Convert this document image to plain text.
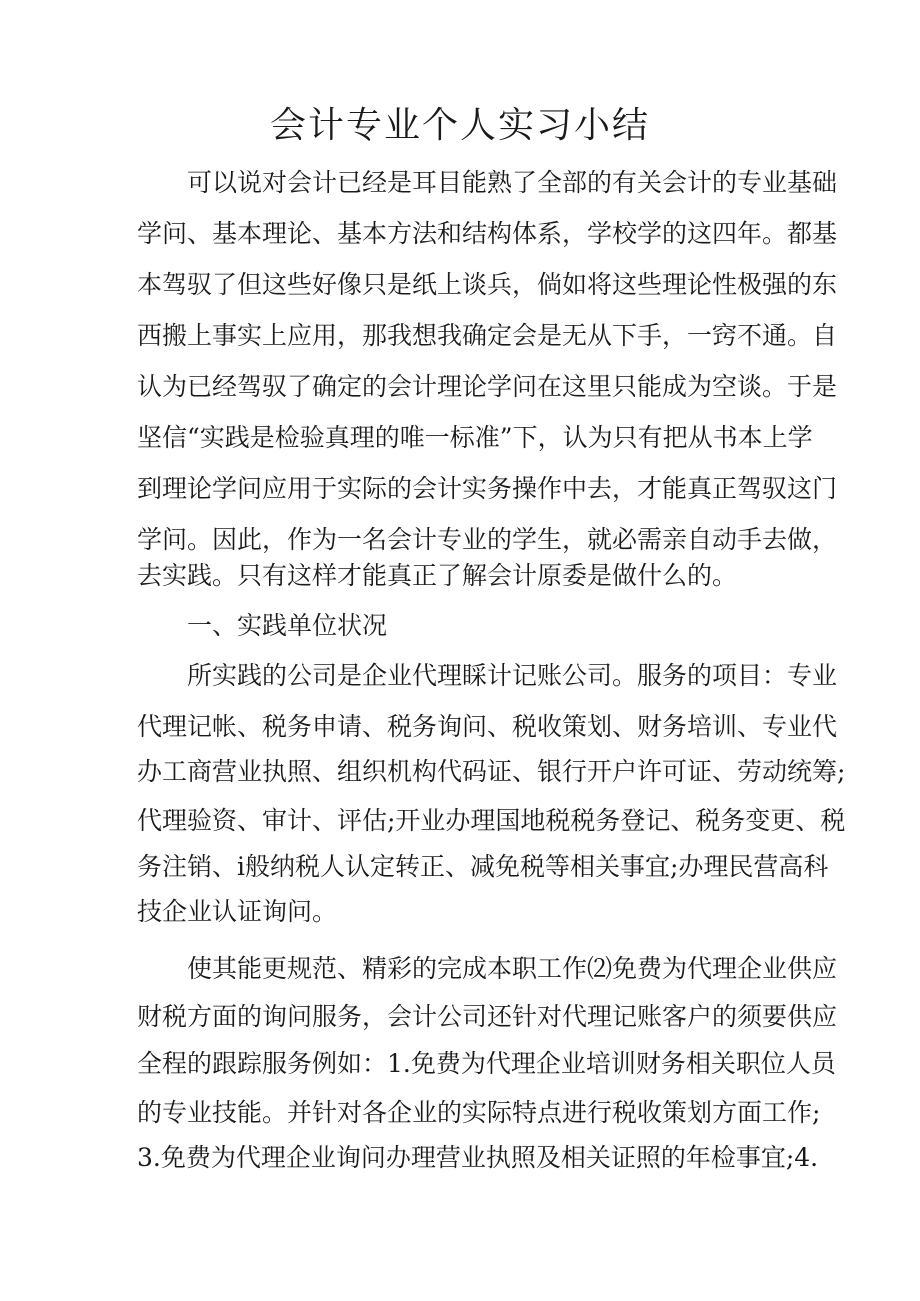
会计专业个人实习小结

可以说对会计已经是耳目能熟了全部的有关会计的专业基础

学问、基本理论、基本方法和结构体系，学校学的这四年。都基

本驾驭了但这些好像只是纸上谈兵，倘如将这些理论性极强的东

西搬上事实上应用，那我想我确定会是无从下手，一窍不通。自

认为已经驾驭了确定的会计理论学问在这里只能成为空谈。于是

坚信“实践是检验真理的唯一标准”下，认为只有把从书本上学

到理论学问应用于实际的会计实务操作中去，才能真正驾驭这门

学问。因此，作为一名会计专业的学生，就必需亲自动手去做，

去实践。只有这样才能真正了解会计原委是做什么的。

一、实践单位状况

所实践的公司是企业代理睬计记账公司。服务的项目：专业

代理记帐、税务申请、税务询问、税收策划、财务培训、专业代

办工商营业执照、组织机构代码证、银行开户许可证、劳动统筹;

代理验资、审计、评估;开业办理国地税税务登记、税务变更、税

务注销、i般纳税人认定转正、减免税等相关事宜;办理民营高科

技企业认证询问。

使其能更规范、精彩的完成本职工作⑵免费为代理企业供应

财税方面的询问服务，会计公司还针对代理记账客户的须要供应

全程的跟踪服务例如：1.免费为代理企业培训财务相关职位人员

的专业技能。并针对各企业的实际特点进行税收策划方面工作;

3.免费为代理企业询问办理营业执照及相关证照的年检事宜;4.
